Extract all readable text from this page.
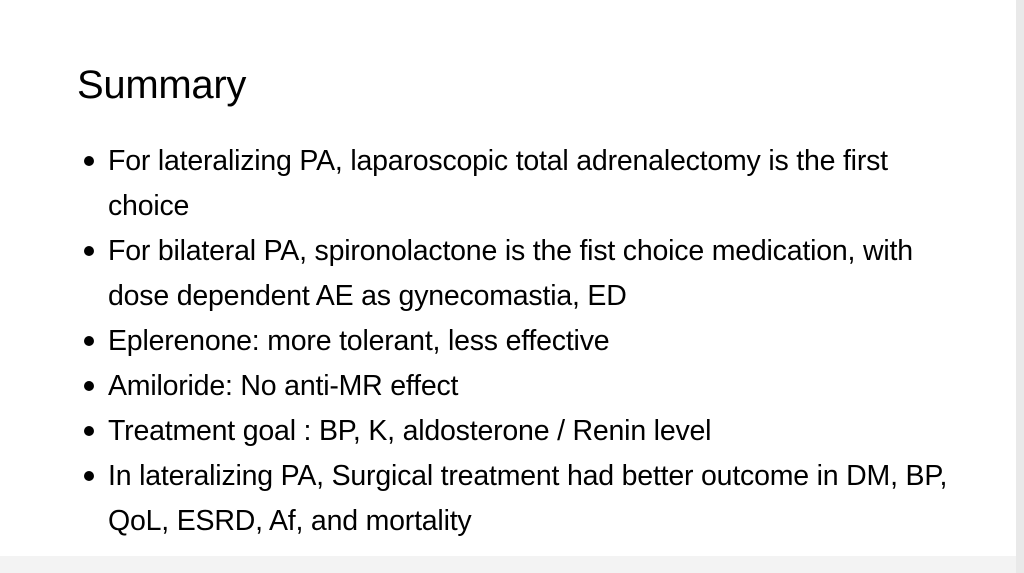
Summary
For lateralizing PA, laparoscopic total adrenalectomy is the first choice
For bilateral PA, spironolactone is the fist choice medication, with dose dependent AE as gynecomastia, ED
Eplerenone: more tolerant, less effective
Amiloride: No anti-MR effect
Treatment goal : BP, K, aldosterone / Renin level
In lateralizing PA, Surgical treatment had better outcome in DM, BP, QoL, ESRD, Af, and mortality
